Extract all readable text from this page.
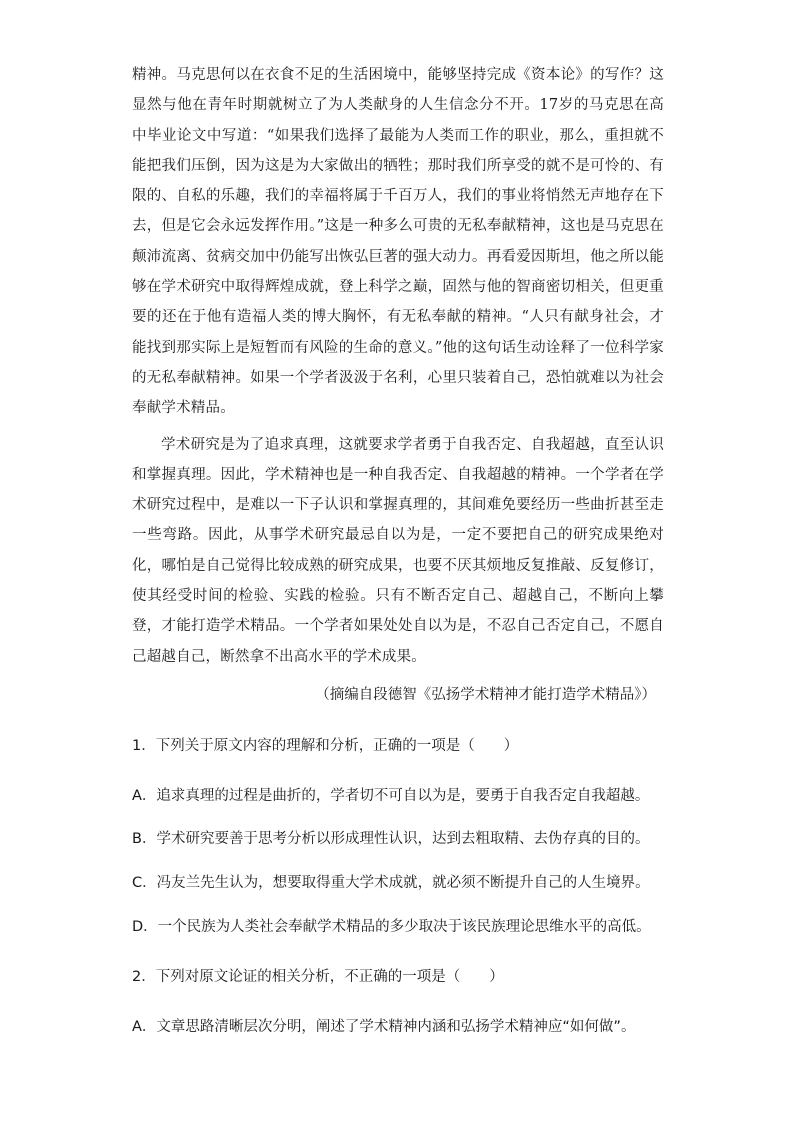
精神。马克思何以在衣食不足的生活困境中，能够坚持完成《资本论》的写作？这显然与他在青年时期就树立了为人类献身的人生信念分不开。17岁的马克思在高中毕业论文中写道：“如果我们选择了最能为人类而工作的职业，那么，重担就不能把我们压倒，因为这是为大家做出的牺牲；那时我们所享受的就不是可怜的、有限的、自私的乐趣，我们的幸福将属于千百万人，我们的事业将悄然无声地存在下去，但是它会永远发挥作用。”这是一种多么可贵的无私奉献精神，这也是马克思在颠沛流离、贫病交加中仍能写出恢弘巨著的强大动力。再看爱因斯坦，他之所以能够在学术研究中取得辉煌成就，登上科学之巅，固然与他的智商密切相关，但更重要的还在于他有造福人类的博大胸怀，有无私奉献的精神。“人只有献身社会，才能找到那实际上是短暂而有风险的生命的意义。”他的这句话生动诠释了一位科学家的无私奉献精神。如果一个学者汲汲于名利，心里只装着自己，恐怕就难以为社会奉献学术精品。

学术研究是为了追求真理，这就要求学者勇于自我否定、自我超越，直至认识和掌握真理。因此，学术精神也是一种自我否定、自我超越的精神。一个学者在学术研究过程中，是难以一下子认识和掌握真理的，其间难免要经历一些曲折甚至走一些弯路。因此，从事学术研究最忌自以为是，一定不要把自己的研究成果绝对化，哪怕是自己觉得比较成熟的研究成果，也要不厌其烦地反复推敲、反复修订，使其经受时间的检验、实践的检验。只有不断否定自己、超越自己，不断向上攀登，才能打造学术精品。一个学者如果处处自以为是，不忍自己否定自己，不愿自己超越自己，断然拿不出高水平的学术成果。

（摘编自段德智《弘扬学术精神才能打造学术精品》）
1．下列关于原文内容的理解和分析，正确的一项是（　　）
A．追求真理的过程是曲折的，学者切不可自以为是，要勇于自我否定自我超越。
B．学术研究要善于思考分析以形成理性认识，达到去粗取精、去伪存真的目的。
C．冯友兰先生认为，想要取得重大学术成就，就必须不断提升自己的人生境界。
D．一个民族为人类社会奉献学术精品的多少取决于该民族理论思维水平的高低。
2．下列对原文论证的相关分析，不正确的一项是（　　）
A．文章思路清晰层次分明，阐述了学术精神内涵和弘扬学术精神应“如何做”。
